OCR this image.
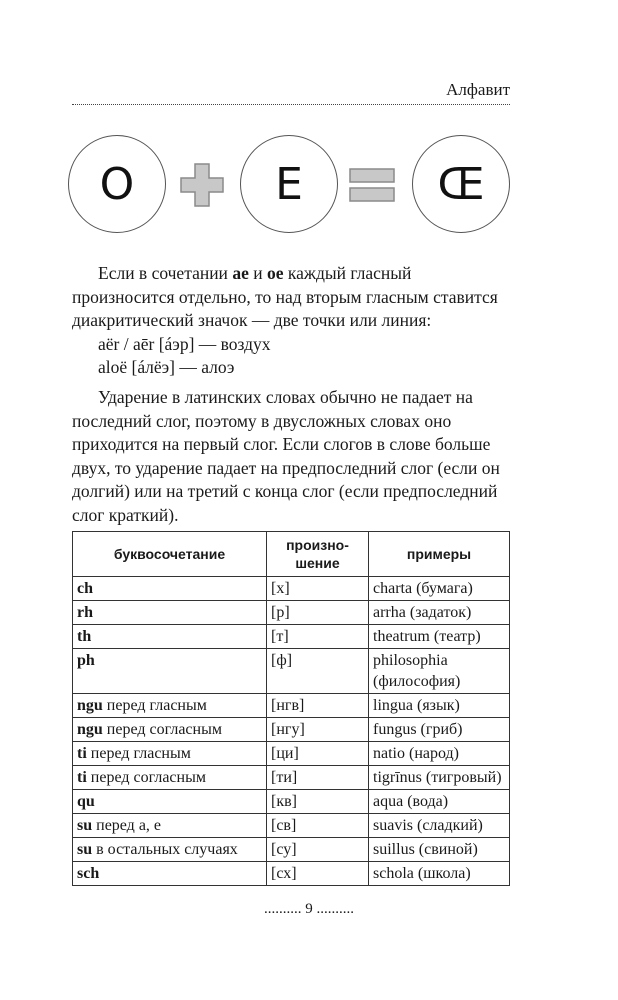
Алфавит
O	E	Œ
Если в сочетании ae и oe каждый гласный произносится отдельно, то над вторым гласным ставится диакритический значок — две точки или линия:
aёr / aēr [áэр] — воздух
aloё [áлёэ] — алоэ

Ударение в латинских словах обычно не падает на последний слог, поэтому в двусложных словах оно приходится на первый слог. Если слогов в слове больше двух, то ударение падает на предпоследний слог (если он долгий) или на третий с конца слог (если предпоследний слог краткий).

буквосочетание	произно-шение	примеры
ch	[х]	charta (бумага)
rh	[р]	arrha (задаток)
th	[т]	theatrum (театр)
ph	[ф]	philosophia (философия)
ngu перед гласным	[нгв]	lingua (язык)
ngu перед согласным	[нгу]	fungus (гриб)
ti перед гласным	[ци]	natio (народ)
ti перед согласным	[ти]	tigrīnus (тигровый)
qu	[кв]	aqua (вода)
su перед a, e	[св]	suavis (сладкий)
su в остальных случаях	[су]	suillus (свиной)
sch	[сх]	schola (школа)
.......... 9 ..........
